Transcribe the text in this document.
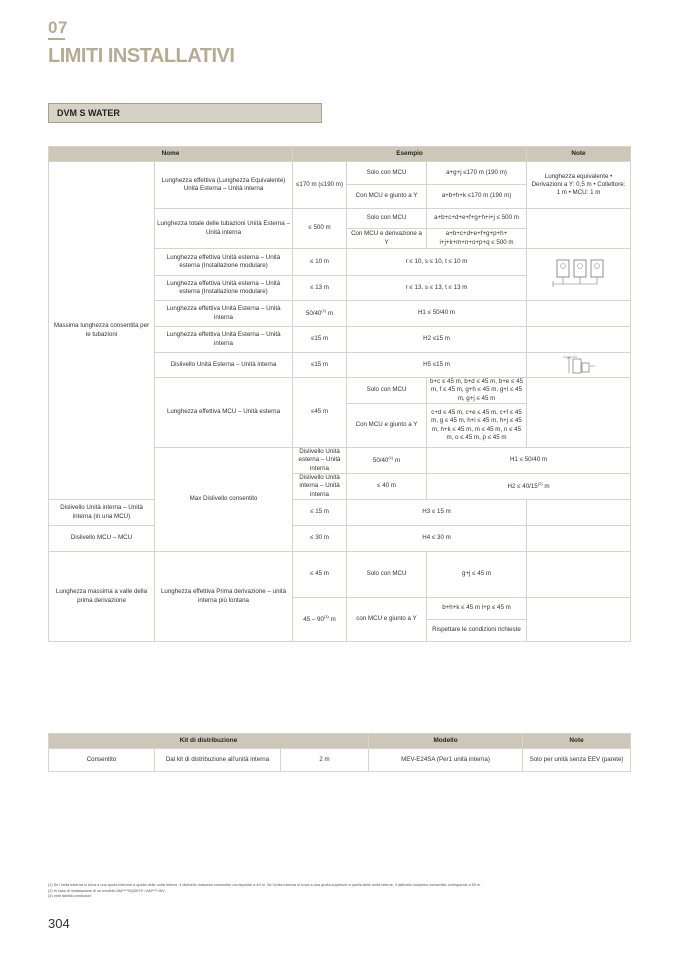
07
LIMITI INSTALLATIVI
DVM S WATER
Nome		Esempio			Note	
Massima lunghezza consentita per le tubazioni	Lunghezza effettiva (Lunghezza Equivalente) Unità Esterna – Unità interna	≤170 m (≤190 m)	Solo con MCU	a+g+j ≤170 m (190 m)	Lunghezza equivalente • Derivazioni a Y: 0,5 m • Collettore: 1 m • MCU: 1 m	
			Con MCU e giunto a Y	a+b+h+k ≤170 m (190 m)		
	Lunghezza totale delle tubazioni Unità Esterna – Unità interna	≤ 500 m	Solo con MCU	a+b+c+d+e+f+g+h+i+j ≤ 500 m		
			Con MCU e derivazione a Y	a+b+c+d+e+f+g+p+h+ i+j+k+m+n+o+p+q ≤ 500 m		
	Lunghezza effettiva Unità esterna – Unità esterna (Installazione modulare)	≤ 10 m	r ≤ 10, s ≤ 10, t ≤ 10 m	

	Lunghezza effettiva Unità esterna – Unità esterna (Installazione modulare)	≤ 13 m	r ≤ 13, s ≤ 13, t ≤ 13 m			
	Lunghezza effettiva Unità Esterna – Unità interna	50/40$^{(1)}$ m	H1 ≤ 50/40 m			
	Lunghezza effettiva Unità Esterna – Unità interna	≤15 m	H2 ≤15 m			
	Dislivello Unità Esterna – Unità interna	≤15 m	H5 ≤15 m	

	Lunghezza effettiva MCU – Unità esterna	≤45 m	Solo con MCU	b+c ≤ 45 m, b+d ≤ 45 m, b+e ≤ 45 m, f ≤ 45 m, g+h ≤ 45 m, g+i ≤ 45 m, g+j ≤ 45 m		
			Con MCU e giunto a Y	c+d ≤ 45 m, c+e ≤ 45 m, c+f ≤ 45 m, g ≤ 45 m, h+i ≤ 45 m, h+j ≤ 45 m, h+k ≤ 45 m, m ≤ 45 m, n ≤ 45 m, o ≤ 45 m, p ≤ 45 m		
	Max Dislivello consentito	Dislivello Unità esterna – Unità interna	50/40$^{(1)}$ m	H1 ≤ 50/40 m		
		Dislivello Unità interna – Unità interna	≤ 40 m	$H2 \le 40/15^{(2)}$ m		
Dislivello Unità interna – Unità interna (in una MCU)		≤ 15 m	H3 ≤ 15 m			
Dislivello MCU – MCU		≤ 30 m	H4 ≤ 30 m			
Lunghezza massima a valle della prima derivazione	Lunghezza effettiva Prima derivazione – unità interna più lontana	≤ 45 m	Solo con MCU	g+j ≤ 45 m		
		45 – 90$^{(3)}$ m	con MCU e giunto a Y	b+h+k ≤ 45 m l+p ≤ 45 m		
				Rispettare le condizioni richieste		
Kit di distribuzione			Modello	Note
Consentito	Dal kit di distribuzione all'unità interna	2 m	MEV-E24SA (Per1 unità interna)	Solo per unità senza EEV (parete)
(1) Se l'unità esterna si trova a una quota inferiore a quella delle unità interne, il dislivello massimo consentito corrisponde a 40 m. Se l'unità esterna si trova a una quota superiore a quella delle unità interne, il dislivello massimo consentito corrisponde a 50 m.
(2) In caso di installazione di un modello AM****NQDEH* / AM****JNV
(3) vedi tabella condizioni
304
